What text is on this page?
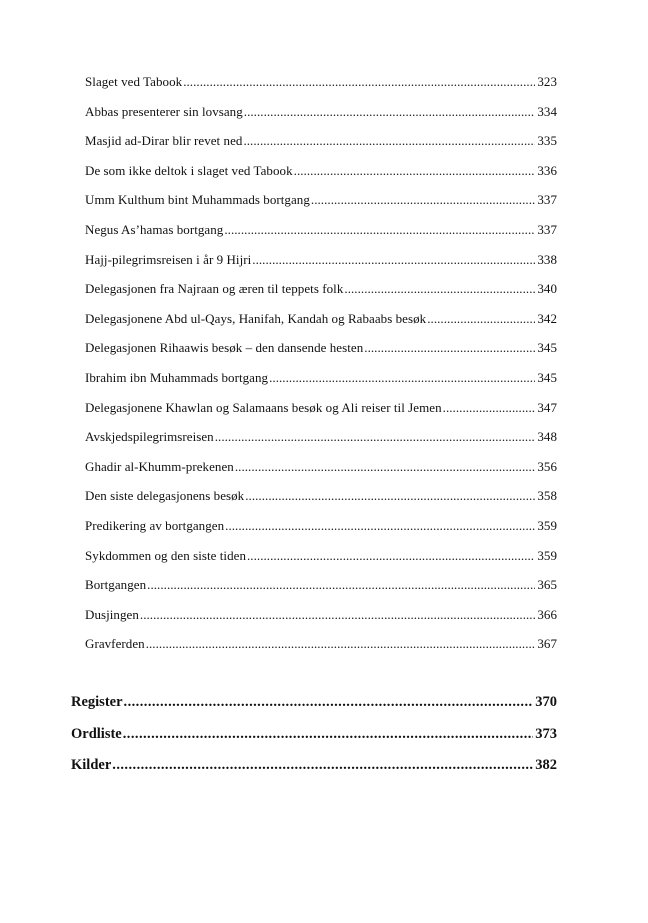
Slaget ved Tabook . . .	323
Abbas presenterer sin lovsang . . .	334
Masjid ad-Dirar blir revet ned . . .	335
De som ikke deltok i slaget ved Tabook . . .	336
Umm Kulthum bint Muhammads bortgang . . .	337
Negus As’hamas bortgang . . .	337
Hajj-pilegrimsreisen i år 9 Hijri . . .	338
Delegasjonen fra Najraan og æren til teppets folk . . .	340
Delegasjonene Abd ul-Qays, Hanifah, Kandah og Rabaabs besøk . . .	342
Delegasjonen Rihaawis besøk – den dansende hesten . . .	345
Ibrahim ibn Muhammads bortgang . . .	345
Delegasjonene Khawlan og Salamaans besøk og Ali reiser til Jemen . . .	347
Avskjedspilegrimsreisen . . .	348
Ghadir al-Khumm-prekenen . . .	356
Den siste delegasjonens besøk . . .	358
Predikering av bortgangen . . .	359
Sykdommen og den siste tiden . . .	359
Bortgangen . . .	365
Dusjingen . . .	366
Gravferden . . .	367
Register . . .	370
Ordliste . . .	373
Kilder . . .	382
